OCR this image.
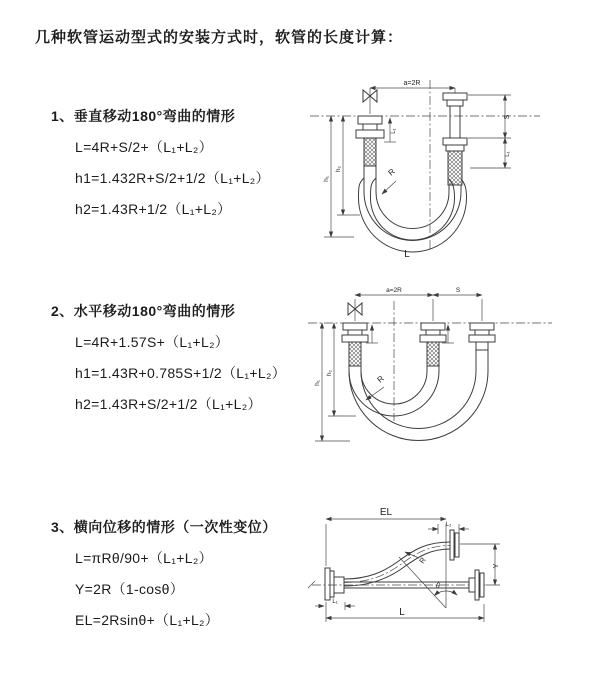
几种软管运动型式的安装方式时，软管的长度计算：
1、垂直移动180°弯曲的情形
L=4R+S/2+（L₁+L₂）
h1=1.432R+S/2+1/2（L₁+L₂）
h2=1.43R+1/2（L₁+L₂）
2、水平移动180°弯曲的情形
L=4R+1.57S+（L₁+L₂）
h1=1.43R+0.785S+1/2（L₁+L₂）
h2=1.43R+S/2+1/2（L₁+L₂）
3、横向位移的情形（一次性变位）
L=πRθ/90+（L₁+L₂）
Y=2R（1-cosθ）
EL=2Rsinθ+（L₁+L₂）
a=2R
R
L
h₁
h₂
L₁
S
L₁
a=2R	S
R
h₁
h₂
EL
L₂
R
θ
Y
L
L₁
